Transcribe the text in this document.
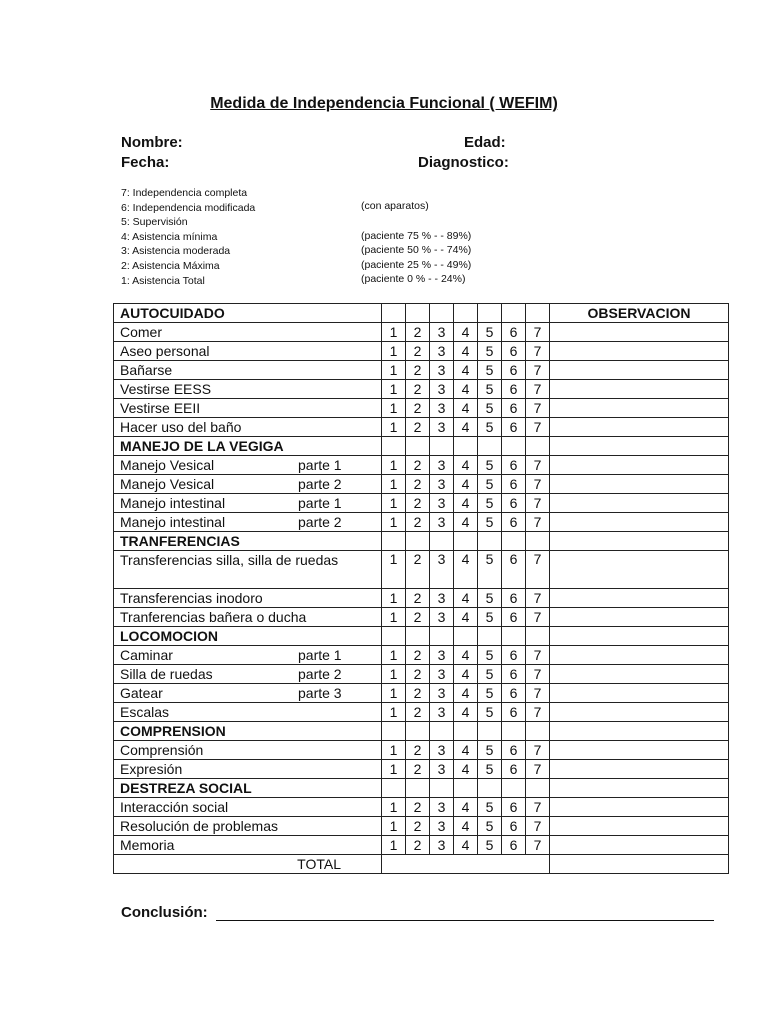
Medida de Independencia Funcional ( WEFIM)
Nombre:
Fecha:
Edad:
Diagnostico:
7: Independencia completa
6: Independencia modificada
5: Supervisión
4: Asistencia mínima
3: Asistencia moderada
2: Asistencia Máxima
1: Asistencia Total
(con aparatos)
(paciente 75 % - - 89%)
(paciente 50 % - - 74%)
(paciente 25 % - - 49%)
(paciente 0 % - - 24%)
AUTOCUIDADO								OBSERVACION
Comer	1	2	3	4	5	6	7	
Aseo personal	1	2	3	4	5	6	7	
Bañarse	1	2	3	4	5	6	7	
Vestirse EESS	1	2	3	4	5	6	7	
Vestirse EEII	1	2	3	4	5	6	7	
Hacer uso del baño	1	2	3	4	5	6	7	
MANEJO DE LA VEGIGA								
Manejo Vesical parte 1	1	2	3	4	5	6	7	
Manejo Vesical parte 2	1	2	3	4	5	6	7	
Manejo intestinal parte 1	1	2	3	4	5	6	7	
Manejo intestinal parte 2	1	2	3	4	5	6	7	
TRANFERENCIAS								
Transferencias silla, silla de ruedas	1	2	3	4	5	6	7	
Transferencias inodoro	1	2	3	4	5	6	7	
Tranferencias bañera o ducha	1	2	3	4	5	6	7	
LOCOMOCION								
Caminar parte 1	1	2	3	4	5	6	7	
Silla de ruedas parte 2	1	2	3	4	5	6	7	
Gatear parte 3	1	2	3	4	5	6	7	
Escalas	1	2	3	4	5	6	7	
COMPRENSION								
Comprensión	1	2	3	4	5	6	7	
Expresión	1	2	3	4	5	6	7	
DESTREZA SOCIAL								
Interacción social	1	2	3	4	5	6	7	
Resolución de problemas	1	2	3	4	5	6	7	
Memoria	1	2	3	4	5	6	7	
TOTAL								
Conclusión:
